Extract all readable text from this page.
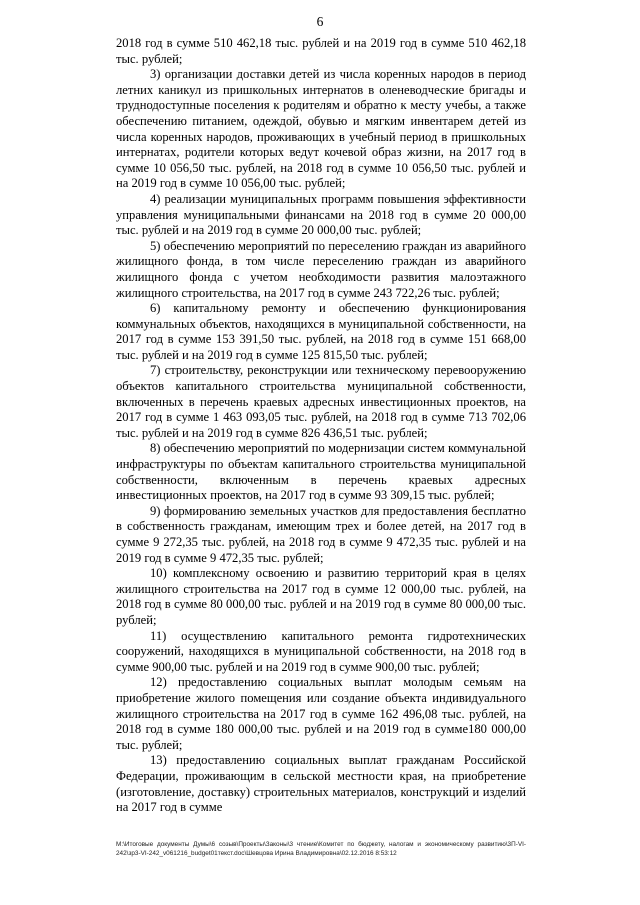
6

2018 год в сумме 510 462,18 тыс. рублей и на 2019 год в сумме 510 462,18 тыс. рублей;

3) организации доставки детей из числа коренных народов в период летних каникул из пришкольных интернатов в оленеводческие бригады и труднодоступные поселения к родителям и обратно к месту учебы, а также обеспечению питанием, одеждой, обувью и мягким инвентарем детей из числа коренных народов, проживающих в учебный период в пришкольных интернатах, родители которых ведут кочевой образ жизни, на 2017 год в сумме 10 056,50 тыс. рублей, на 2018 год в сумме 10 056,50 тыс. рублей и на 2019 год в сумме 10 056,00 тыс. рублей;

4) реализации муниципальных программ повышения эффективности управления муниципальными финансами на 2018 год в сумме 20 000,00 тыс. рублей и на 2019 год в сумме 20 000,00 тыс. рублей;

5) обеспечению мероприятий по переселению граждан из аварийного жилищного фонда, в том числе переселению граждан из аварийного жилищного фонда с учетом необходимости развития малоэтажного жилищного строительства, на 2017 год в сумме 243 722,26 тыс. рублей;

6) капитальному ремонту и обеспечению функционирования коммунальных объектов, находящихся в муниципальной собственности, на 2017 год в сумме 153 391,50 тыс. рублей, на 2018 год в сумме 151 668,00 тыс. рублей и на 2019 год в сумме 125 815,50 тыс. рублей;

7) строительству, реконструкции или техническому перевооружению объектов капитального строительства муниципальной собственности, включенных в перечень краевых адресных инвестиционных проектов, на 2017 год в сумме 1 463 093,05 тыс. рублей, на 2018 год в сумме 713 702,06 тыс. рублей и на 2019 год в сумме 826 436,51 тыс. рублей;

8) обеспечению мероприятий по модернизации систем коммунальной инфраструктуры по объектам капитального строительства муниципальной собственности, включенным в перечень краевых адресных инвестиционных проектов, на 2017 год в сумме 93 309,15 тыс. рублей;

9) формированию земельных участков для предоставления бесплатно в собственность гражданам, имеющим трех и более детей, на 2017 год в сумме 9 272,35 тыс. рублей, на 2018 год в сумме 9 472,35 тыс. рублей и на 2019 год в сумме 9 472,35 тыс. рублей;

10) комплексному освоению и развитию территорий края в целях жилищного строительства на 2017 год в сумме 12 000,00 тыс. рублей, на 2018 год в сумме 80 000,00 тыс. рублей и на 2019 год в сумме 80 000,00 тыс. рублей;

11) осуществлению капитального ремонта гидротехнических сооружений, находящихся в муниципальной собственности, на 2018 год в сумме 900,00 тыс. рублей и на 2019 год в сумме 900,00 тыс. рублей;

12) предоставлению социальных выплат молодым семьям на приобретение жилого помещения или создание объекта индивидуального жилищного строительства на 2017 год в сумме 162 496,08 тыс. рублей, на 2018 год в сумме 180 000,00 тыс. рублей и на 2019 год в сумме180 000,00 тыс. рублей;

13) предоставлению социальных выплат гражданам Российской Федерации, проживающим в сельской местности края, на приобретение (изготовление, доставку) строительных материалов, конструкций и изделий на 2017 год в сумме

M:\Итоговые документы Думы\6 созыв\Проекты\Законы\3 чтение\Комитет по бюджету, налогам и экономическому развитию\3П-VI-242\зр3-VI-242_v061216_budget01текст.doc\Шевцова Ирина Владимировна\02.12.2016 8:53:12
